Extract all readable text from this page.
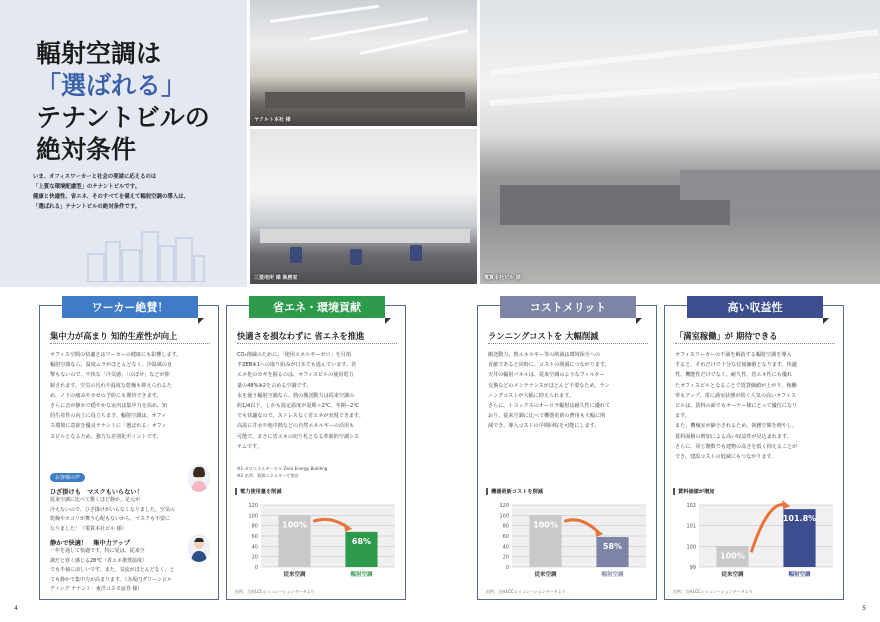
輻射空調は
「選ばれる」
テナントビルの
絶対条件

いま、オフィスワーカーと社会の要請に応えるのは

「上質な環境配慮型」のテナントビルです。

健康と快適性、省エネ、そのすべてを備えて輻射空調の導入は、

「選ばれる」テナントビルの絶対条件です。

ヤクルト本社 様
三菱地所 様 執務室	電算本社ビル 様
ワーカー絶賛！
集中力が高まり 知的生産性が向上

オフィス空間の快適さはワーカーの健康にも影響します。

輻射空調なら、温度ムラがほとんどなく、冷温風の直

撃もないので、不快な「冷気感」「のぼせ」などが抑

制されます。空気の汚れや温度な乾燥も抑えられるた

め、ノドの痛みやカゼの予防にも期待できます。

さらに音が静かで穏やかな室内は集中力を高め、知

的生産性の向上に役立ちます。輻射空調は、オフィ

ス環境に意欲を優良テナントに「選ばれる」オフィ

スビルとなるため、強力な差別化ポイントです。

お客様の声
ひざ掛けも　マスクもいらない！

従来空調に比べて驚くほど静か。足元が

冷えないので、ひざ掛けがいらなくなりました。空気の

乾燥やホコリが舞う心配もないから、マスクも不要に

なりました！（電算本社ビル 様）

静かで快適！　集中力アップ

一年を通して快適です。特に夏は、従来空

調だと寒く感じる28℃（省エネ推奨温度）

でも半袖に涼しいです。また、気流がほとんどなく、と

ても静かで集中力が高まります。（赤坂円グリーンビル

ディング テナント：東洋コスモ証券 様）

省エネ・環境貢献
快適さを損なわずに 省エネを推進

CO₂削減のために、「使用エネルギーゼロ」を目指

すZEB※1への取り組みが日本でも進んでいます。省

エネ化のカギを握るのは、オフィスビルの使用電力

量の48%※2を占める空調です。

水を使う輻射空調なら、熱の搬送動力は従来空調の

約1/4以下。しかも設定温度が夏期＋2℃、冬期−2℃

でも快適なので、ストレスなく省エネが実現できます。

高温に井水や地中熱などの自然エネルギーの活用も

可能で、まさに省エネの切り札となる革新的空調シス

テムです。

※1 ゼロエネルギービル Zero Energy Building

※2 出所：資源エネルギー庁推計

電力使用量を削減
0
20
40
60
80
100
120
100%
従来空調
68%
輻射空調
出所：当社LCCシミュレーションデータより
コストメリット
ランニングコストを 大幅削減

搬送動力、熱エネルギー等の削減は環境保全への

貢献であると同時に、コストの削減につながります。

天井の輻射パネルは、従来空調のようなフィルター

交換などのメンテナンスがほとんど不要なため、ラン

ニングコストが大幅に抑えられます。

さらに、トヨックスのオーロラ輻射は耐久性に優れて

おり、従来空調に比べて機器更新の費用も大幅に削

減でき、導入コストの早期回収を可能にします。

機器更新コストを削減
0
20
40
60
80
100
120
100%
従来空調
58%
輻射空調
出所：当社LCCシミュレーションデータより
高い収益性
「満室稼働」が 期待できる

オフィスワーカーの不満を解消する輻射空調を導入

すると、それだけで十分な付加価値となります。快適

性、機能性だけでなく、耐久性、省エネ性にも優れ

たオフィスビルとなることで賃貸価値が上がり、稼働

率もアップ。常に満室状態が続く人気の高いオフィス

ビルは、賃料の面でもオーナー様にとって優位になり

ます。

また、機械室が縮小されるため、執務空間を増やし、

賃料面積の増加による高い収益性が見込まれます。

さらに、同じ階数でも建物の高さを低く抑えることが

でき、建設コストの低減にもつながります。

賃料価値が増加
99
100
101
102
100%
従来空調
101.8%
輻射空調
出所：当社LCCシミュレーションデータより
4	5
